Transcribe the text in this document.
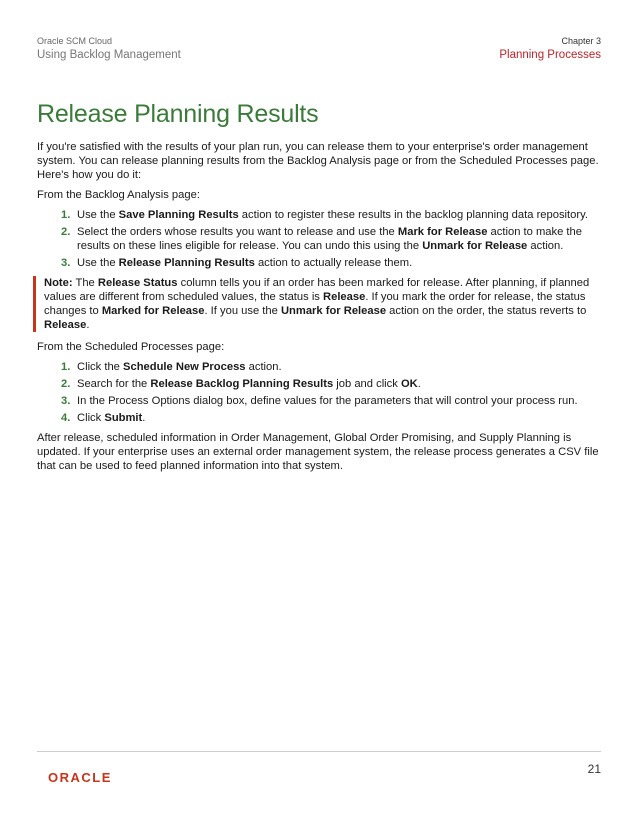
Oracle SCM Cloud
Using Backlog Management
Chapter 3
Planning Processes
Release Planning Results

If you're satisfied with the results of your plan run, you can release them to your enterprise's order management system. You can release planning results from the Backlog Analysis page or from the Scheduled Processes page. Here's how you do it:

From the Backlog Analysis page:

1. Use the Save Planning Results action to register these results in the backlog planning data repository.
2. Select the orders whose results you want to release and use the Mark for Release action to make the results on these lines eligible for release. You can undo this using the Unmark for Release action.
3. Use the Release Planning Results action to actually release them.
Note: The Release Status column tells you if an order has been marked for release. After planning, if planned values are different from scheduled values, the status is Release. If you mark the order for release, the status changes to Marked for Release. If you use the Unmark for Release action on the order, the status reverts to Release.

From the Scheduled Processes page:

1. Click the Schedule New Process action.
2. Search for the Release Backlog Planning Results job and click OK.
3. In the Process Options dialog box, define values for the parameters that will control your process run.
4. Click Submit.

After release, scheduled information in Order Management, Global Order Promising, and Supply Planning is updated. If your enterprise uses an external order management system, the release process generates a CSV file that can be used to feed planned information into that system.

ORACLE
21
